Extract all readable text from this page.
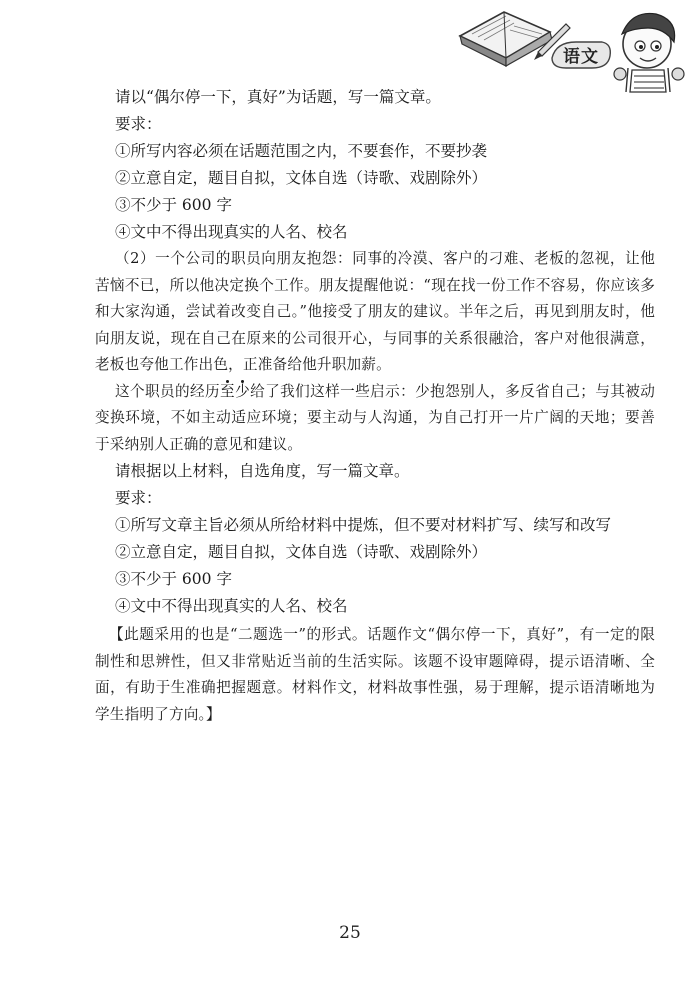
语文
请以“偶尔停一下，真好”为话题，写一篇文章。
要求：
①所写内容必须在话题范围之内，不要套作，不要抄袭
②立意自定，题目自拟，文体自选（诗歌、戏剧除外）
③不少于 600 字
④文中不得出现真实的人名、校名
（2）一个公司的职员向朋友抱怨：同事的冷漠、客户的刁难、老板的忽视，让他苦恼不已，所以他决定换个工作。朋友提醒他说：“现在找一份工作不容易，你应该多和大家沟通，尝试着改变自己。”他接受了朋友的建议。半年之后，再见到朋友时，他向朋友说，现在自己在原来的公司很开心，与同事的关系很融洽，客户对他很满意，老板也夸他工作出色，正准备给他升职加薪。
这个职员的经历至少给了我们这样一些启示：少抱怨别人，多反省自己；与其被动变换环境，不如主动适应环境；要主动与人沟通，为自己打开一片广阔的天地；要善于采纳别人正确的意见和建议。
请根据以上材料，自选角度，写一篇文章。
要求：
①所写文章主旨必须从所给材料中提炼，但不要对材料扩写、续写和改写
②立意自定，题目自拟，文体自选（诗歌、戏剧除外）
③不少于 600 字
④文中不得出现真实的人名、校名
【此题采用的也是“二题选一”的形式。话题作文“偶尔停一下，真好”，有一定的限制性和思辨性，但又非常贴近当前的生活实际。该题不设审题障碍，提示语清晰、全面，有助于生准确把握题意。材料作文，材料故事性强，易于理解，提示语清晰地为学生指明了方向。】
25
